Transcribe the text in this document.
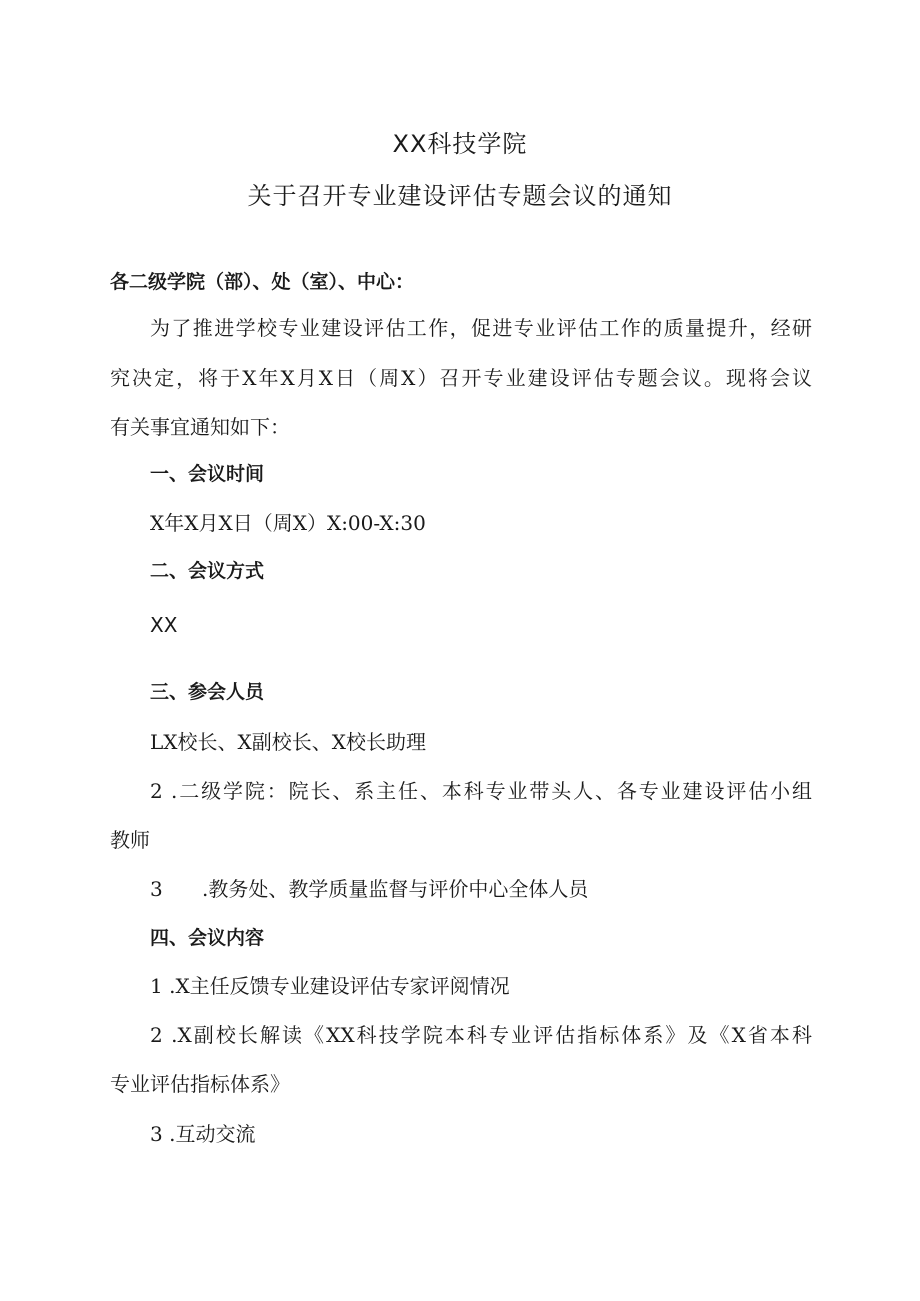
XX科技学院
关于召开专业建设评估专题会议的通知
各二级学院（部）、处（室）、中心：
为了推进学校专业建设评估工作，促进专业评估工作的质量提升，经研
究决定，将于X年X月X日（周X）召开专业建设评估专题会议。现将会议
有关事宜通知如下：
一、会议时间
X年X月X日（周X）X:00-X:30
二、会议方式
XX
三、参会人员
LX校长、X副校长、X校长助理
2 .二级学院：院长、系主任、本科专业带头人、各专业建设评估小组
教师
3 .教务处、教学质量监督与评价中心全体人员
四、会议内容
1 .X主任反馈专业建设评估专家评阅情况
2 .X副校长解读《XX科技学院本科专业评估指标体系》及《X省本科
专业评估指标体系》
3 .互动交流
